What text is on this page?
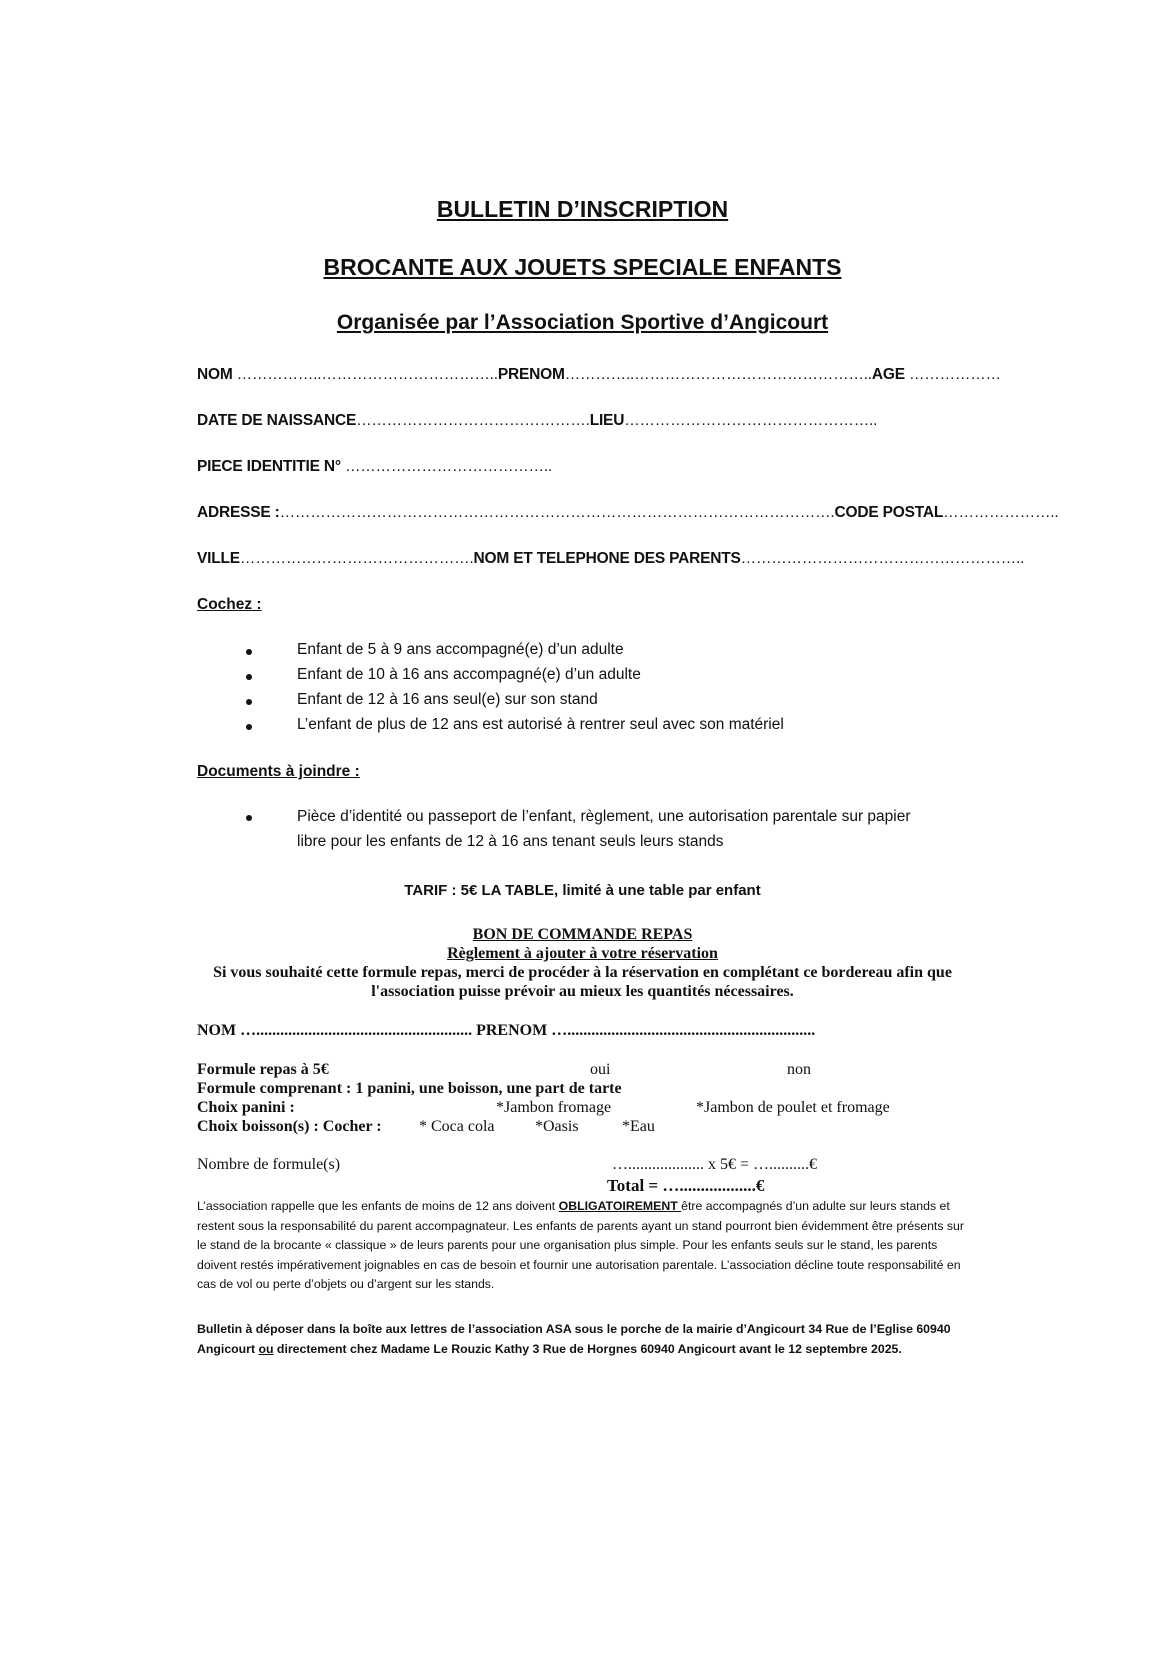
BULLETIN D’INSCRIPTION
BROCANTE AUX JOUETS SPECIALE ENFANTS
Organisée par l’Association Sportive d’Angicourt
NOM ……………..……………………………..PRENOM…………..………………………………………..AGE ………………
DATE DE NAISSANCE……………………………………….LIEU…………………………………………..
PIECE IDENTITIE N° …………………………………..
ADRESSE :……………………………………………………………………………………………….CODE POSTAL…………………..
VILLE……………………………………….NOM ET TELEPHONE DES PARENTS………………………………………………..
Cochez :
Enfant de 5 à 9 ans accompagné(e) d’un adulte
Enfant de 10 à 16 ans accompagné(e) d’un adulte
Enfant de 12 à 16 ans seul(e) sur son stand
L’enfant de plus de 12 ans est autorisé à rentrer seul avec son matériel
Documents à joindre :
Pièce d’identité ou passeport de l’enfant, règlement, une autorisation parentale sur papier
libre pour les enfants de 12 à 16 ans tenant seuls leurs stands
TARIF : 5€ LA TABLE, limité à une table par enfant
BON DE COMMANDE REPAS
Règlement à ajouter à votre réservation
Si vous souhaité cette formule repas, merci de procéder à la réservation en complétant ce bordereau afin que
l'association puisse prévoir au mieux les quantités nécessaires.
NOM …...................................................... PRENOM …..............................................................
Formule repas à 5€	oui	non
Formule comprenant : 1 panini, une boisson, une part de tarte
Choix panini :	*Jambon fromage	*Jambon de poulet et fromage
Choix boisson(s) : Cocher : * Coca cola	*Oasis	*Eau
Nombre de formule(s)	…................... x 5€ = …..........€
Total = …..................€
L’association rappelle que les enfants de moins de 12 ans doivent OBLIGATOIREMENT être accompagnés d’un adulte sur leurs stands et restent sous la responsabilité du parent accompagnateur. Les enfants de parents ayant un stand pourront bien évidemment être présents sur le stand de la brocante « classique » de leurs parents pour une organisation plus simple. Pour les enfants seuls sur le stand, les parents doivent restés impérativement joignables en cas de besoin et fournir une autorisation parentale. L’association décline toute responsabilité en cas de vol ou perte d’objets ou d’argent sur les stands.
Bulletin à déposer dans la boîte aux lettres de l’association ASA sous le porche de la mairie d’Angicourt 34 Rue de l’Eglise 60940 Angicourt ou directement chez Madame Le Rouzic Kathy 3 Rue de Horgnes 60940 Angicourt avant le 12 septembre 2025.
